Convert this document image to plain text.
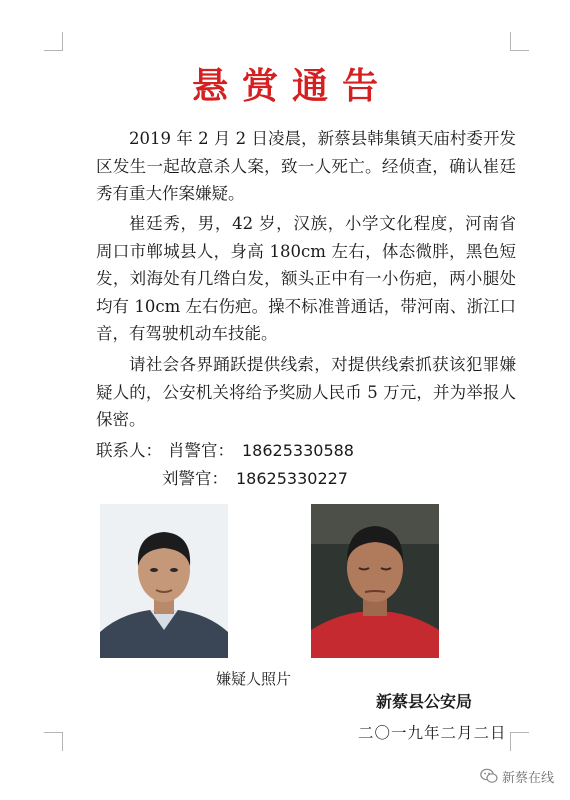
悬赏通告

2019 年 2 月 2 日凌晨，新蔡县韩集镇天庙村委开发区发生一起故意杀人案，致一人死亡。经侦查，确认崔廷秀有重大作案嫌疑。

崔廷秀，男，42 岁，汉族，小学文化程度，河南省周口市郸城县人，身高 180cm 左右，体态微胖，黑色短发，刘海处有几绺白发，额头正中有一小伤疤，两小腿处均有 10cm 左右伤疤。操不标准普通话，带河南、浙江口音，有驾驶机动车技能。

请社会各界踊跃提供线索，对提供线索抓获该犯罪嫌疑人的，公安机关将给予奖励人民币 5 万元，并为举报人保密。

联系人： 肖警官： 18625330588
刘警官： 18625330227
嫌疑人照片
新蔡县公安局
二〇一九年二月二日
新蔡在线
